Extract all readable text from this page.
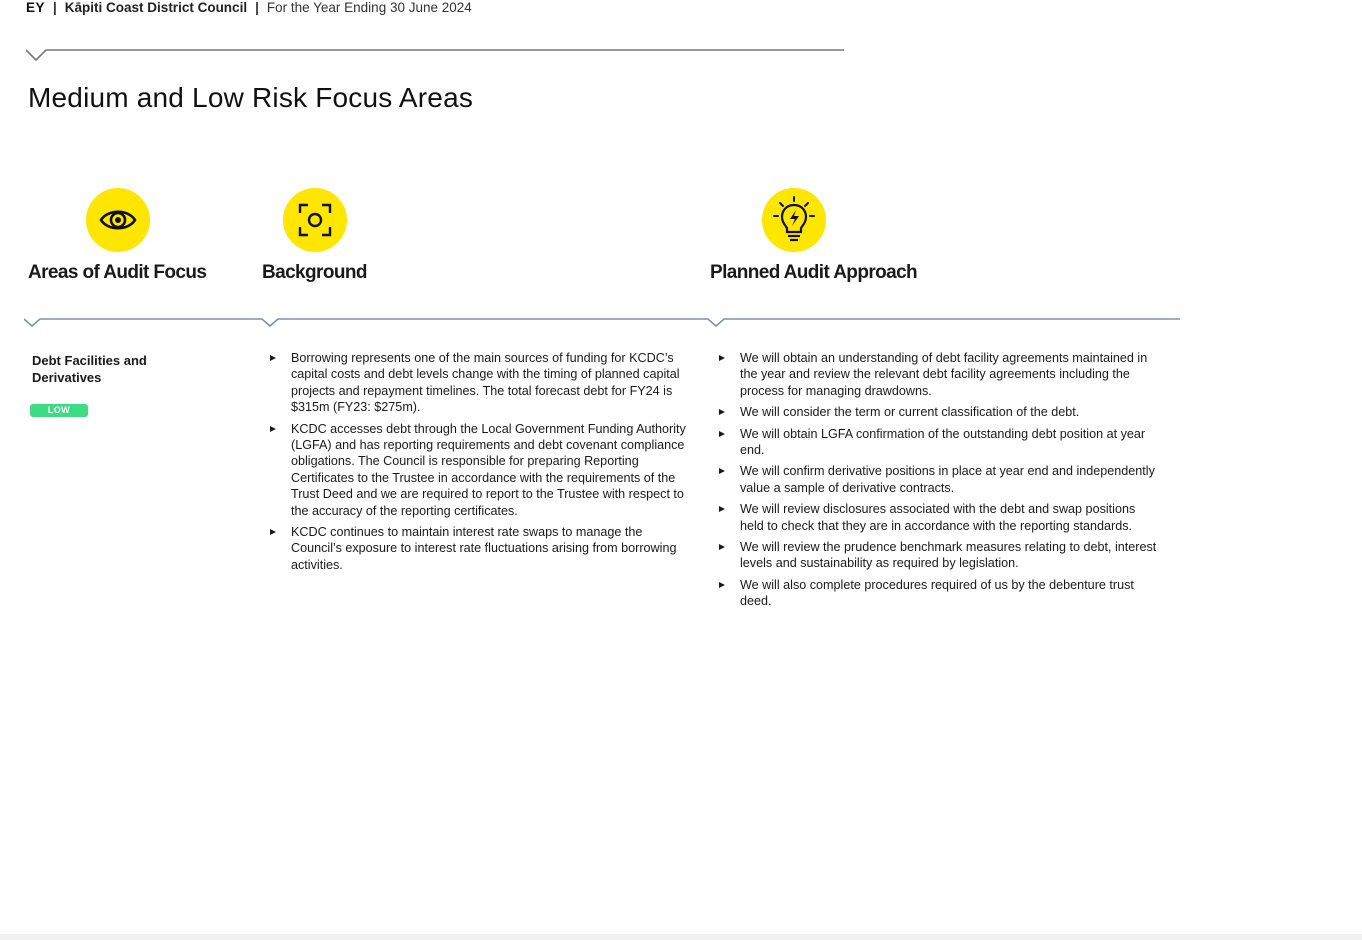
EY | Kāpiti Coast District Council | For the Year Ending 30 June 2024
Medium and Low Risk Focus Areas
Areas of Audit Focus	Background	Planned Audit Approach
Debt Facilities and Derivatives
LOW
Borrowing represents one of the main sources of funding for KCDC’s capital costs and debt levels change with the timing of planned capital projects and repayment timelines. The total forecast debt for FY24 is $315m (FY23: $275m).
KCDC accesses debt through the Local Government Funding Authority (LGFA) and has reporting requirements and debt covenant compliance obligations. The Council is responsible for preparing Reporting Certificates to the Trustee in accordance with the requirements of the Trust Deed and we are required to report to the Trustee with respect to the accuracy of the reporting certificates.
KCDC continues to maintain interest rate swaps to manage the Council’s exposure to interest rate fluctuations arising from borrowing activities.
We will obtain an understanding of debt facility agreements maintained in the year and review the relevant debt facility agreements including the process for managing drawdowns.
We will consider the term or current classification of the debt.
We will obtain LGFA confirmation of the outstanding debt position at year end.
We will confirm derivative positions in place at year end and independently value a sample of derivative contracts.
We will review disclosures associated with the debt and swap positions held to check that they are in accordance with the reporting standards.
We will review the prudence benchmark measures relating to debt, interest levels and sustainability as required by legislation.
We will also complete procedures required of us by the debenture trust deed.
